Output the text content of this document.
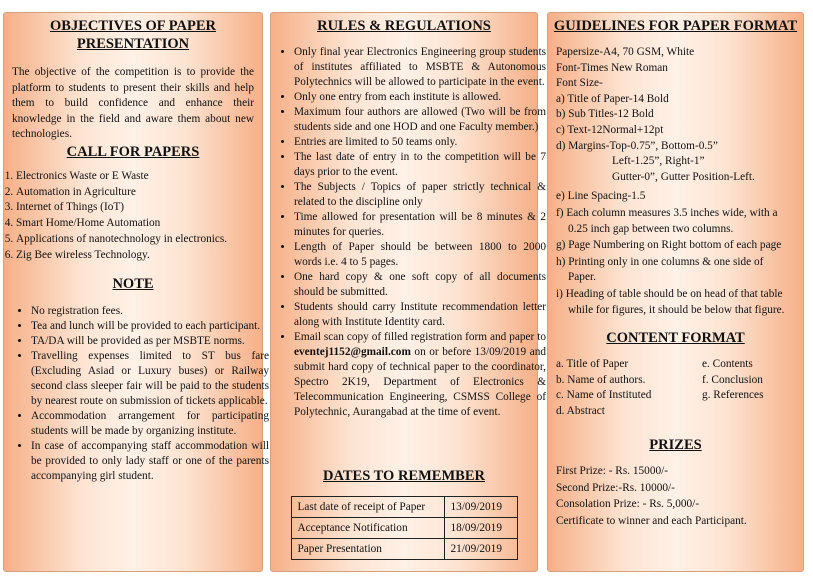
OBJECTIVES OF PAPER
PRESENTATION

The objective of the competition is to provide the platform to students to present their skills and help them to build confidence and enhance their knowledge in the field and aware them about new technologies.

CALL FOR PAPERS

1. Electronics Waste or E Waste
2. Automation in Agriculture
3. Internet of Things (IoT)
4. Smart Home/Home Automation
5. Applications of nanotechnology in electronics.
6. Zig Bee wireless Technology.

NOTE

• No registration fees.
• Tea and lunch will be provided to each participant.
• TA/DA will be provided as per MSBTE norms.
• Travelling expenses limited to ST bus fare (Excluding Asiad or Luxury buses) or Railway second class sleeper fair will be paid to the students by nearest route on submission of tickets applicable.
• Accommodation arrangement for participating students will be made by organizing institute.
• In case of accompanying staff accommodation will be provided to only lady staff or one of the parents accompanying girl student.

RULES & REGULATIONS

• Only final year Electronics Engineering group students of institutes affiliated to MSBTE & Autonomous Polytechnics will be allowed to participate in the event.
• Only one entry from each institute is allowed.
• Maximum four authors are allowed (Two will be from students side and one HOD and one Faculty member.)
• Entries are limited to 50 teams only.
• The last date of entry in to the competition will be 7 days prior to the event.
• The Subjects / Topics of paper strictly technical & related to the discipline only
• Time allowed for presentation will be 8 minutes & 2 minutes for queries.
• Length of Paper should be between 1800 to 2000 words i.e. 4 to 5 pages.
• One hard copy & one soft copy of all documents should be submitted.
• Students should carry Institute recommendation letter along with Institute Identity card.
• Email scan copy of filled registration form and paper to eventej1152@gmail.com on or before 13/09/2019 and submit hard copy of technical paper to the coordinator, Spectro 2K19, Department of Electronics & Telecommunication Engineering, CSMSS College of Polytechnic, Aurangabad at the time of event.

DATES TO REMEMBER

Last date of receipt of Paper	13/09/2019
Acceptance Notification	18/09/2019
Paper Presentation	21/09/2019

GUIDELINES FOR PAPER FORMAT

Papersize-A4, 70 GSM, White
Font-Times New Roman
Font Size-
a) Title of Paper-14 Bold
b) Sub Titles-12 Bold
c) Text-12Normal+12pt
d) Margins-Top-0.75”, Bottom-0.5”
Left-1.25”, Right-1”
Gutter-0”, Gutter Position-Left.
e) Line Spacing-1.5
f) Each column measures 3.5 inches wide, with a
0.25 inch gap between two columns.
g) Page Numbering on Right bottom of each page
h) Printing only in one columns & one side of
Paper.
i) Heading of table should be on head of that table
while for figures, it should be below that figure.

CONTENT FORMAT

a. Title of Paper
b. Name of authors.
c. Name of Instituted
d. Abstract
e. Contents
f. Conclusion
g. References

PRIZES

First Prize: - Rs. 15000/-
Second Prize:-Rs. 10000/-
Consolation Prize: - Rs. 5,000/-
Certificate to winner and each Participant.
